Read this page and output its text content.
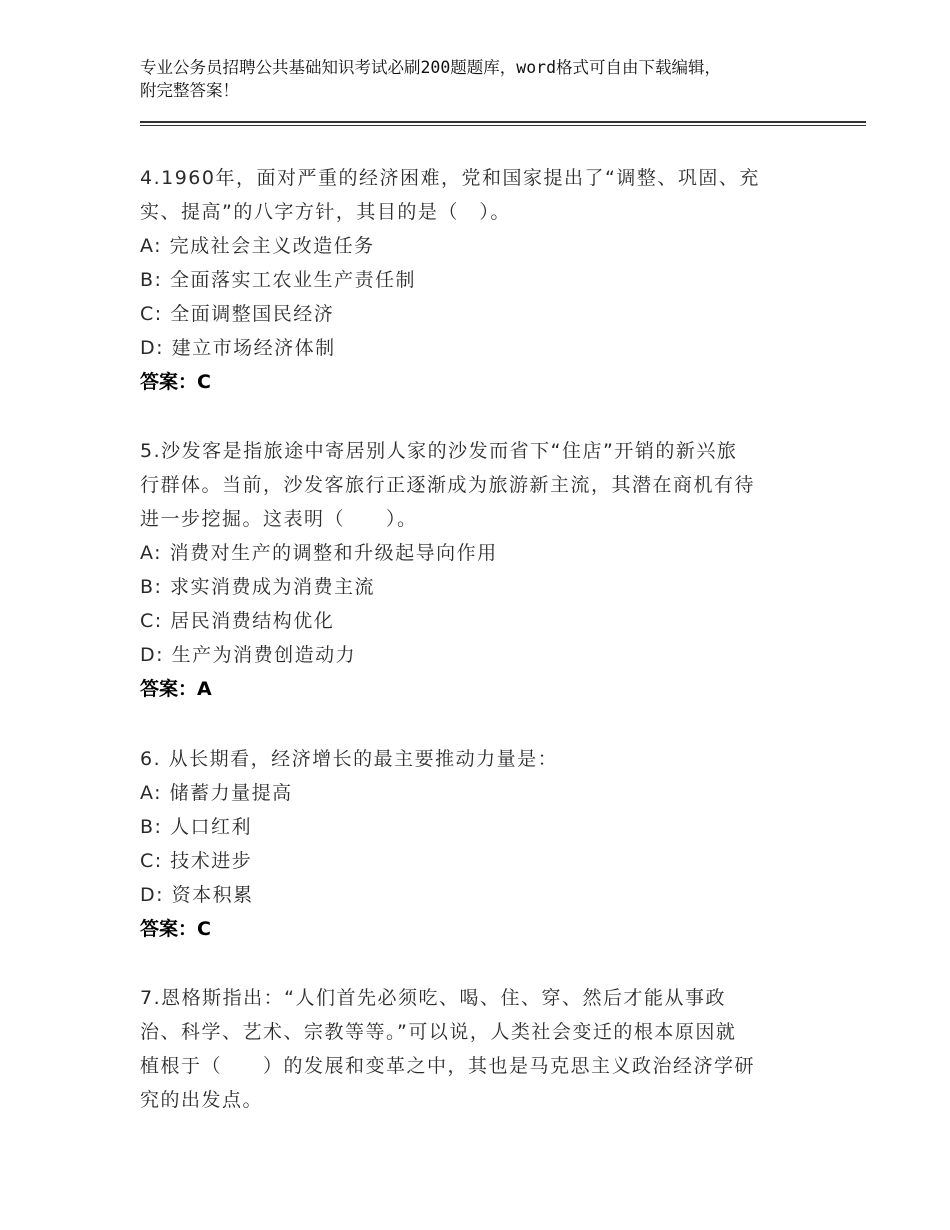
专业公务员招聘公共基础知识考试必刷200题题库，word格式可自由下载编辑，
附完整答案！
4.1960年，面对严重的经济困难，党和国家提出了“调整、巩固、充
实、提高”的八字方针，其目的是（　）。
A: 完成社会主义改造任务
B: 全面落实工农业生产责任制
C: 全面调整国民经济
D: 建立市场经济体制
答案：C
5.沙发客是指旅途中寄居别人家的沙发而省下“住店”开销的新兴旅
行群体。当前，沙发客旅行正逐渐成为旅游新主流，其潜在商机有待
进一步挖掘。这表明（　　）。
A: 消费对生产的调整和升级起导向作用
B: 求实消费成为消费主流
C: 居民消费结构优化
D: 生产为消费创造动力
答案：A
6. 从长期看，经济增长的最主要推动力量是：
A: 储蓄力量提高
B: 人口红利
C: 技术进步
D: 资本积累
答案：C
7.恩格斯指出：“人们首先必须吃、喝、住、穿、然后才能从事政
治、科学、艺术、宗教等等。”可以说，人类社会变迁的根本原因就
植根于（　　）的发展和变革之中，其也是马克思主义政治经济学研
究的出发点。
